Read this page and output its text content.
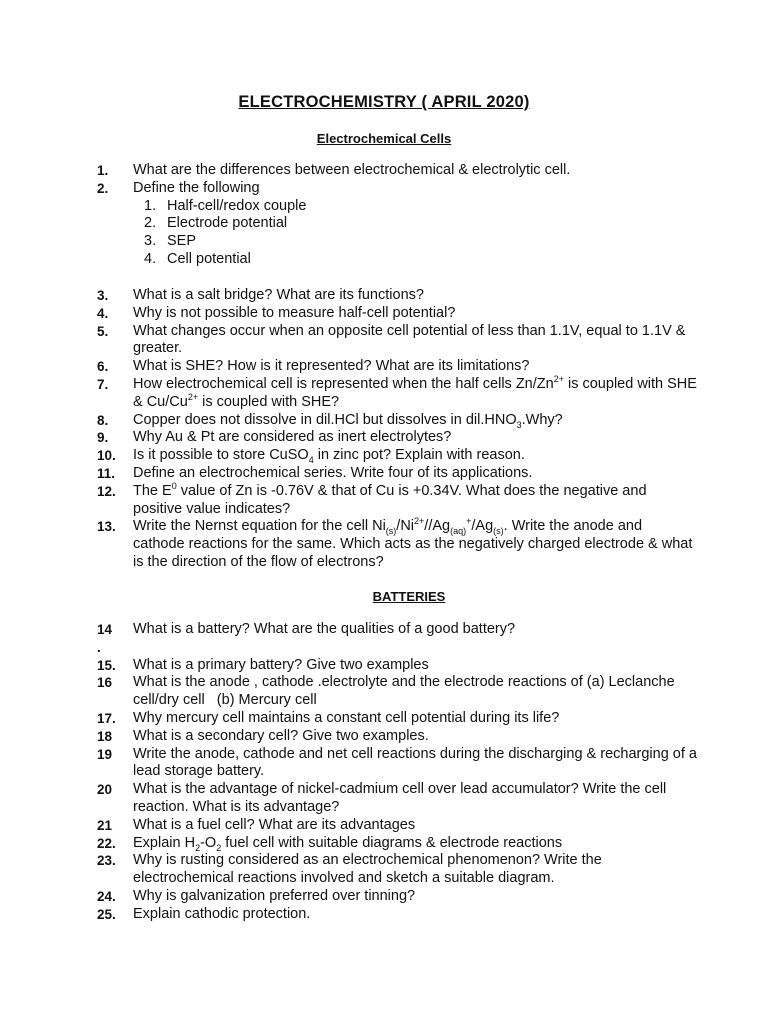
ELECTROCHEMISTRY ( APRIL 2020)
Electrochemical Cells
1.	What are the differences between electrochemical & electrolytic cell.
2.	Define the following
1. Half-cell/redox couple
2. Electrode potential
3. SEP
4. Cell potential
3.	What is a salt bridge? What are its functions?
4.	Why is not possible to measure half-cell potential?
5.	What changes occur when an opposite cell potential of less than 1.1V, equal to 1.1V & greater.
6.	What is SHE? How is it represented? What are its limitations?
7.	How electrochemical cell is represented when the half cells $Zn/Zn^{2+}$ is coupled with SHE & $Cu/Cu^{2+}$ is coupled with SHE?
8.	Copper does not dissolve in dil.HCl but dissolves in $dil.HNO_3.Why$?
9.	Why Au & Pt are considered as inert electrolytes?
10.	Is it possible to store CuSO$_4$ in zinc pot? Explain with reason.
11.	Define an electrochemical series. Write four of its applications.
12.	The $E^0$ value of Zn is -0.76V & that of Cu is +0.34V. What does the negative and positive value indicates?
13.	Write the Nernst equation for the cell $Ni_{(s)}/Ni^{2+}//Ag_{(aq)}^+/Ag_{(s)}$. Write the anode and cathode reactions for the same. Which acts as the negatively charged electrode & what is the direction of the flow of electrons?
BATTERIES
14
.
What is a battery? What are the qualities of a good battery?
15.	What is a primary battery? Give two examples
16	What is the anode , cathode .electrolyte and the electrode reactions of (a) Leclanche cell/dry cell   (b) Mercury cell
17.	Why mercury cell maintains a constant cell potential during its life?
18	What is a secondary cell? Give two examples.
19	Write the anode, cathode and net cell reactions during the discharging & recharging of a lead storage battery.
20	What is the advantage of nickel-cadmium cell over lead accumulator? Write the cell reaction. What is its advantage?
21	What is a fuel cell? What are its advantages
22.	Explain $H_2-O_2$ fuel cell with suitable diagrams & electrode reactions
23.	Why is rusting considered as an electrochemical phenomenon? Write the electrochemical reactions involved and sketch a suitable diagram.
24.	Why is galvanization preferred over tinning?
25.	Explain cathodic protection.
